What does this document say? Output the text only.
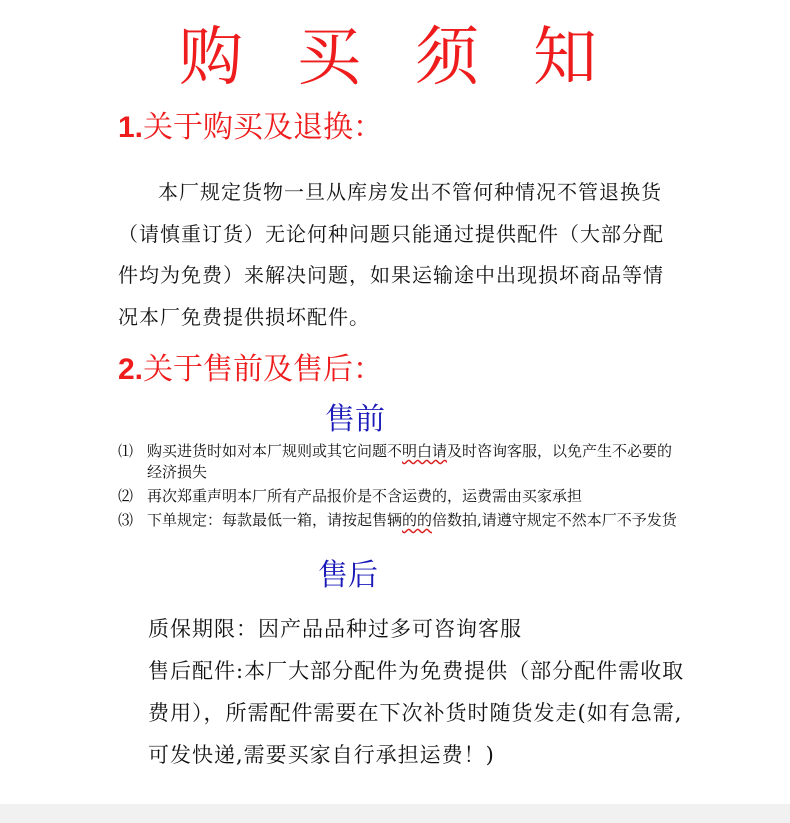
购买须知
1.关于购买及退换：
本厂规定货物一旦从库房发出不管何种情况不管退换货（请慎重订货）无论何种问题只能通过提供配件（大部分配件均为免费）来解决问题，如果运输途中出现损坏商品等情况本厂免费提供损坏配件。
2.关于售前及售后：
售前
⑴ 购买进货时如对本厂规则或其它问题不明白请及时咨询客服，以免产生不必要的经济损失
⑵ 再次郑重声明本厂所有产品报价是不含运费的，运费需由买家承担
⑶ 下单规定：每款最低一箱，请按起售辆的的倍数拍,请遵守规定不然本厂不予发货
售后

质保期限：因产品品种过多可咨询客服

售后配件:本厂大部分配件为免费提供（部分配件需收取费用），所需配件需要在下次补货时随货发走(如有急需,可发快递,需要买家自行承担运费！)
